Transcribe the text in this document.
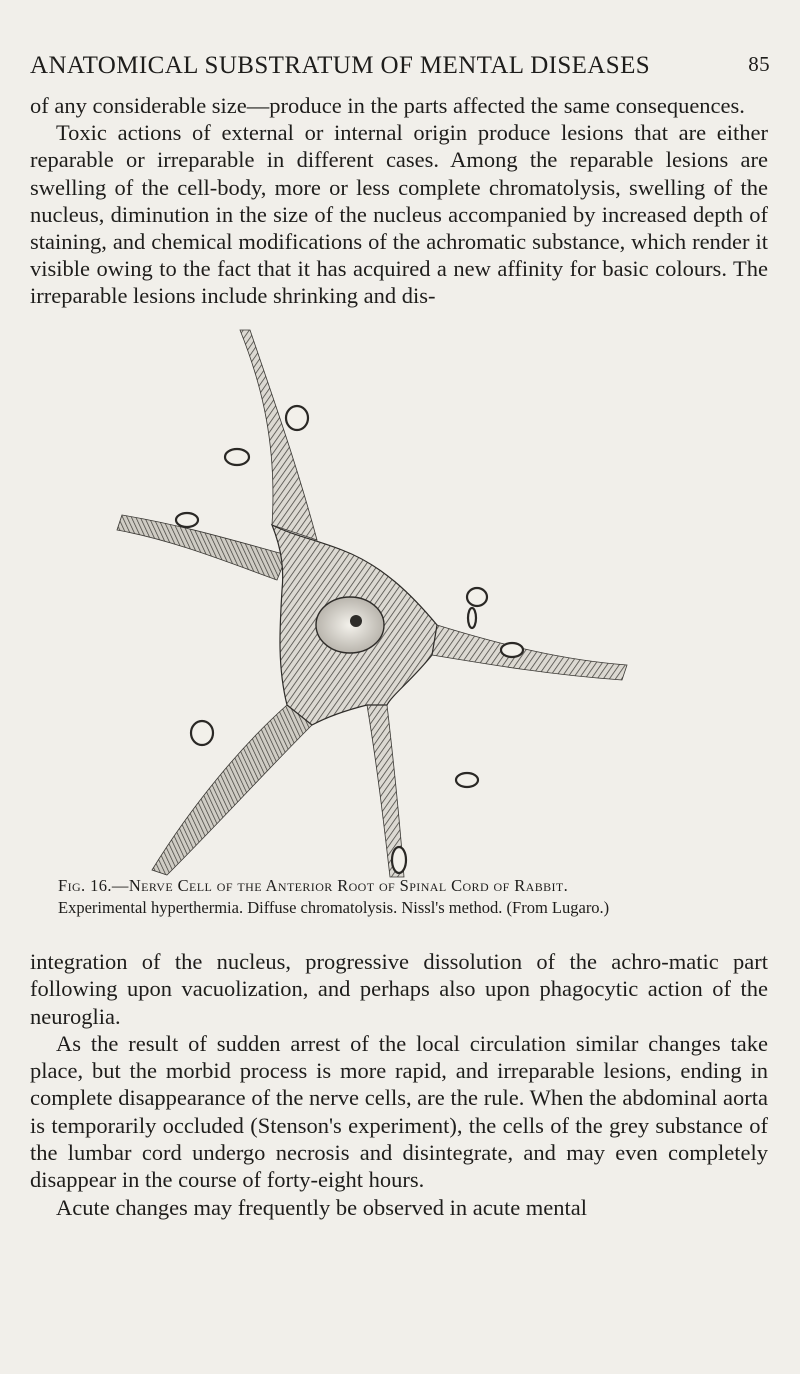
ANATOMICAL SUBSTRATUM OF MENTAL DISEASES	85

of any considerable size—produce in the parts affected the same consequences.

Toxic actions of external or internal origin produce lesions that are either reparable or irreparable in different cases. Among the reparable lesions are swelling of the cell-body, more or less complete chromatolysis, swelling of the nucleus, diminution in the size of the nucleus accompanied by increased depth of staining, and chemical modifications of the achromatic substance, which render it visible owing to the fact that it has acquired a new affinity for basic colours. The irreparable lesions include shrinking and dis-

Fig. 16.—Nerve Cell of the Anterior Root of Spinal Cord of Rabbit.
Experimental hyperthermia. Diffuse chromatolysis. Nissl's method. (From Lugaro.)

integration of the nucleus, progressive dissolution of the achro-matic part following upon vacuolization, and perhaps also upon phagocytic action of the neuroglia.

As the result of sudden arrest of the local circulation similar changes take place, but the morbid process is more rapid, and irreparable lesions, ending in complete disappearance of the nerve cells, are the rule. When the abdominal aorta is temporarily occluded (Stenson's experiment), the cells of the grey substance of the lumbar cord undergo necrosis and disintegrate, and may even completely disappear in the course of forty-eight hours.

Acute changes may frequently be observed in acute mental
